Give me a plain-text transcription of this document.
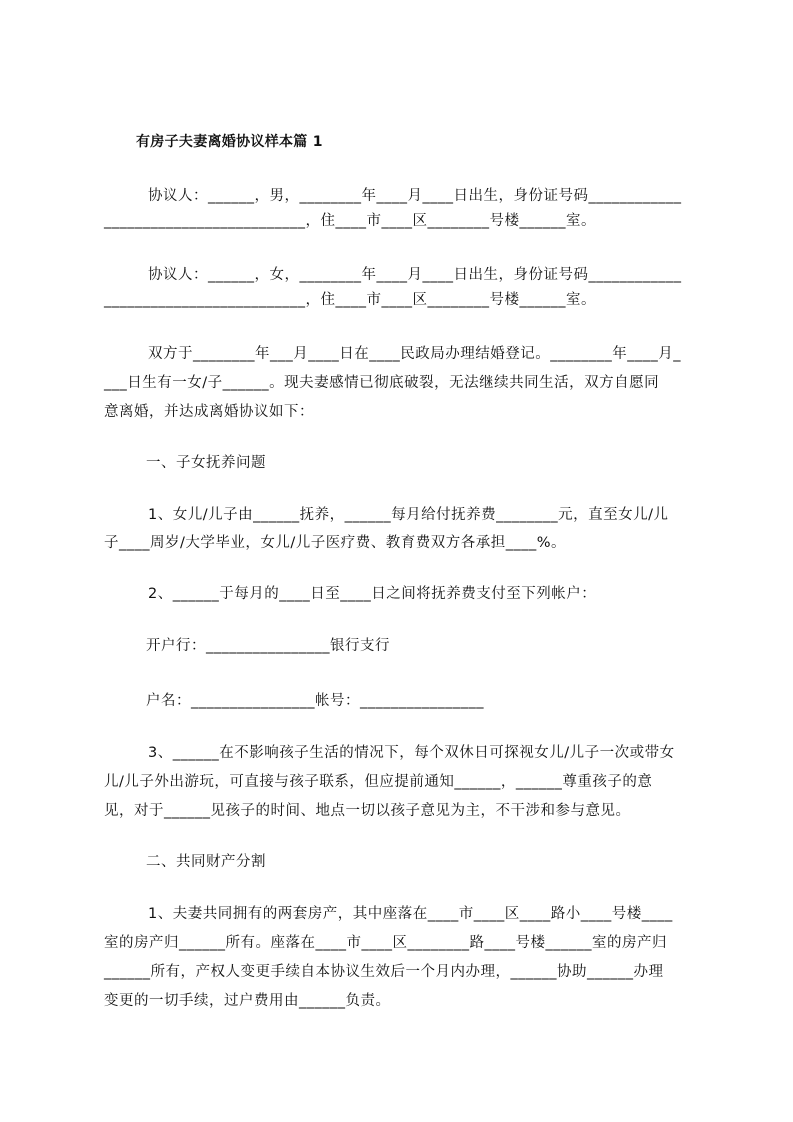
有房子夫妻离婚协议样本篇 1
协议人：______，男，________年____月____日出生，身份证号码____________
__________________________，住____市____区________号楼______室。
协议人：______，女，________年____月____日出生，身份证号码____________
__________________________，住____市____区________号楼______室。
双方于________年___月____日在____民政局办理结婚登记。________年____月_
___日生有一女/子______。现夫妻感情已彻底破裂，无法继续共同生活，双方自愿同
意离婚，并达成离婚协议如下：
一、子女抚养问题
1、女儿/儿子由______抚养，______每月给付抚养费________元，直至女儿/儿
子____周岁/大学毕业，女儿/儿子医疗费、教育费双方各承担____%。
2、______于每月的____日至____日之间将抚养费支付至下列帐户：
开户行：________________银行支行
户名：________________帐号：________________
3、______在不影响孩子生活的情况下，每个双休日可探视女儿/儿子一次或带女
儿/儿子外出游玩，可直接与孩子联系，但应提前通知______，______尊重孩子的意
见，对于______见孩子的时间、地点一切以孩子意见为主，不干涉和参与意见。
二、共同财产分割
1、夫妻共同拥有的两套房产，其中座落在____市____区____路小____号楼____
室的房产归______所有。座落在____市____区________路____号楼______室的房产归
______所有，产权人变更手续自本协议生效后一个月内办理，______协助______办理
变更的一切手续，过户费用由______负责。
